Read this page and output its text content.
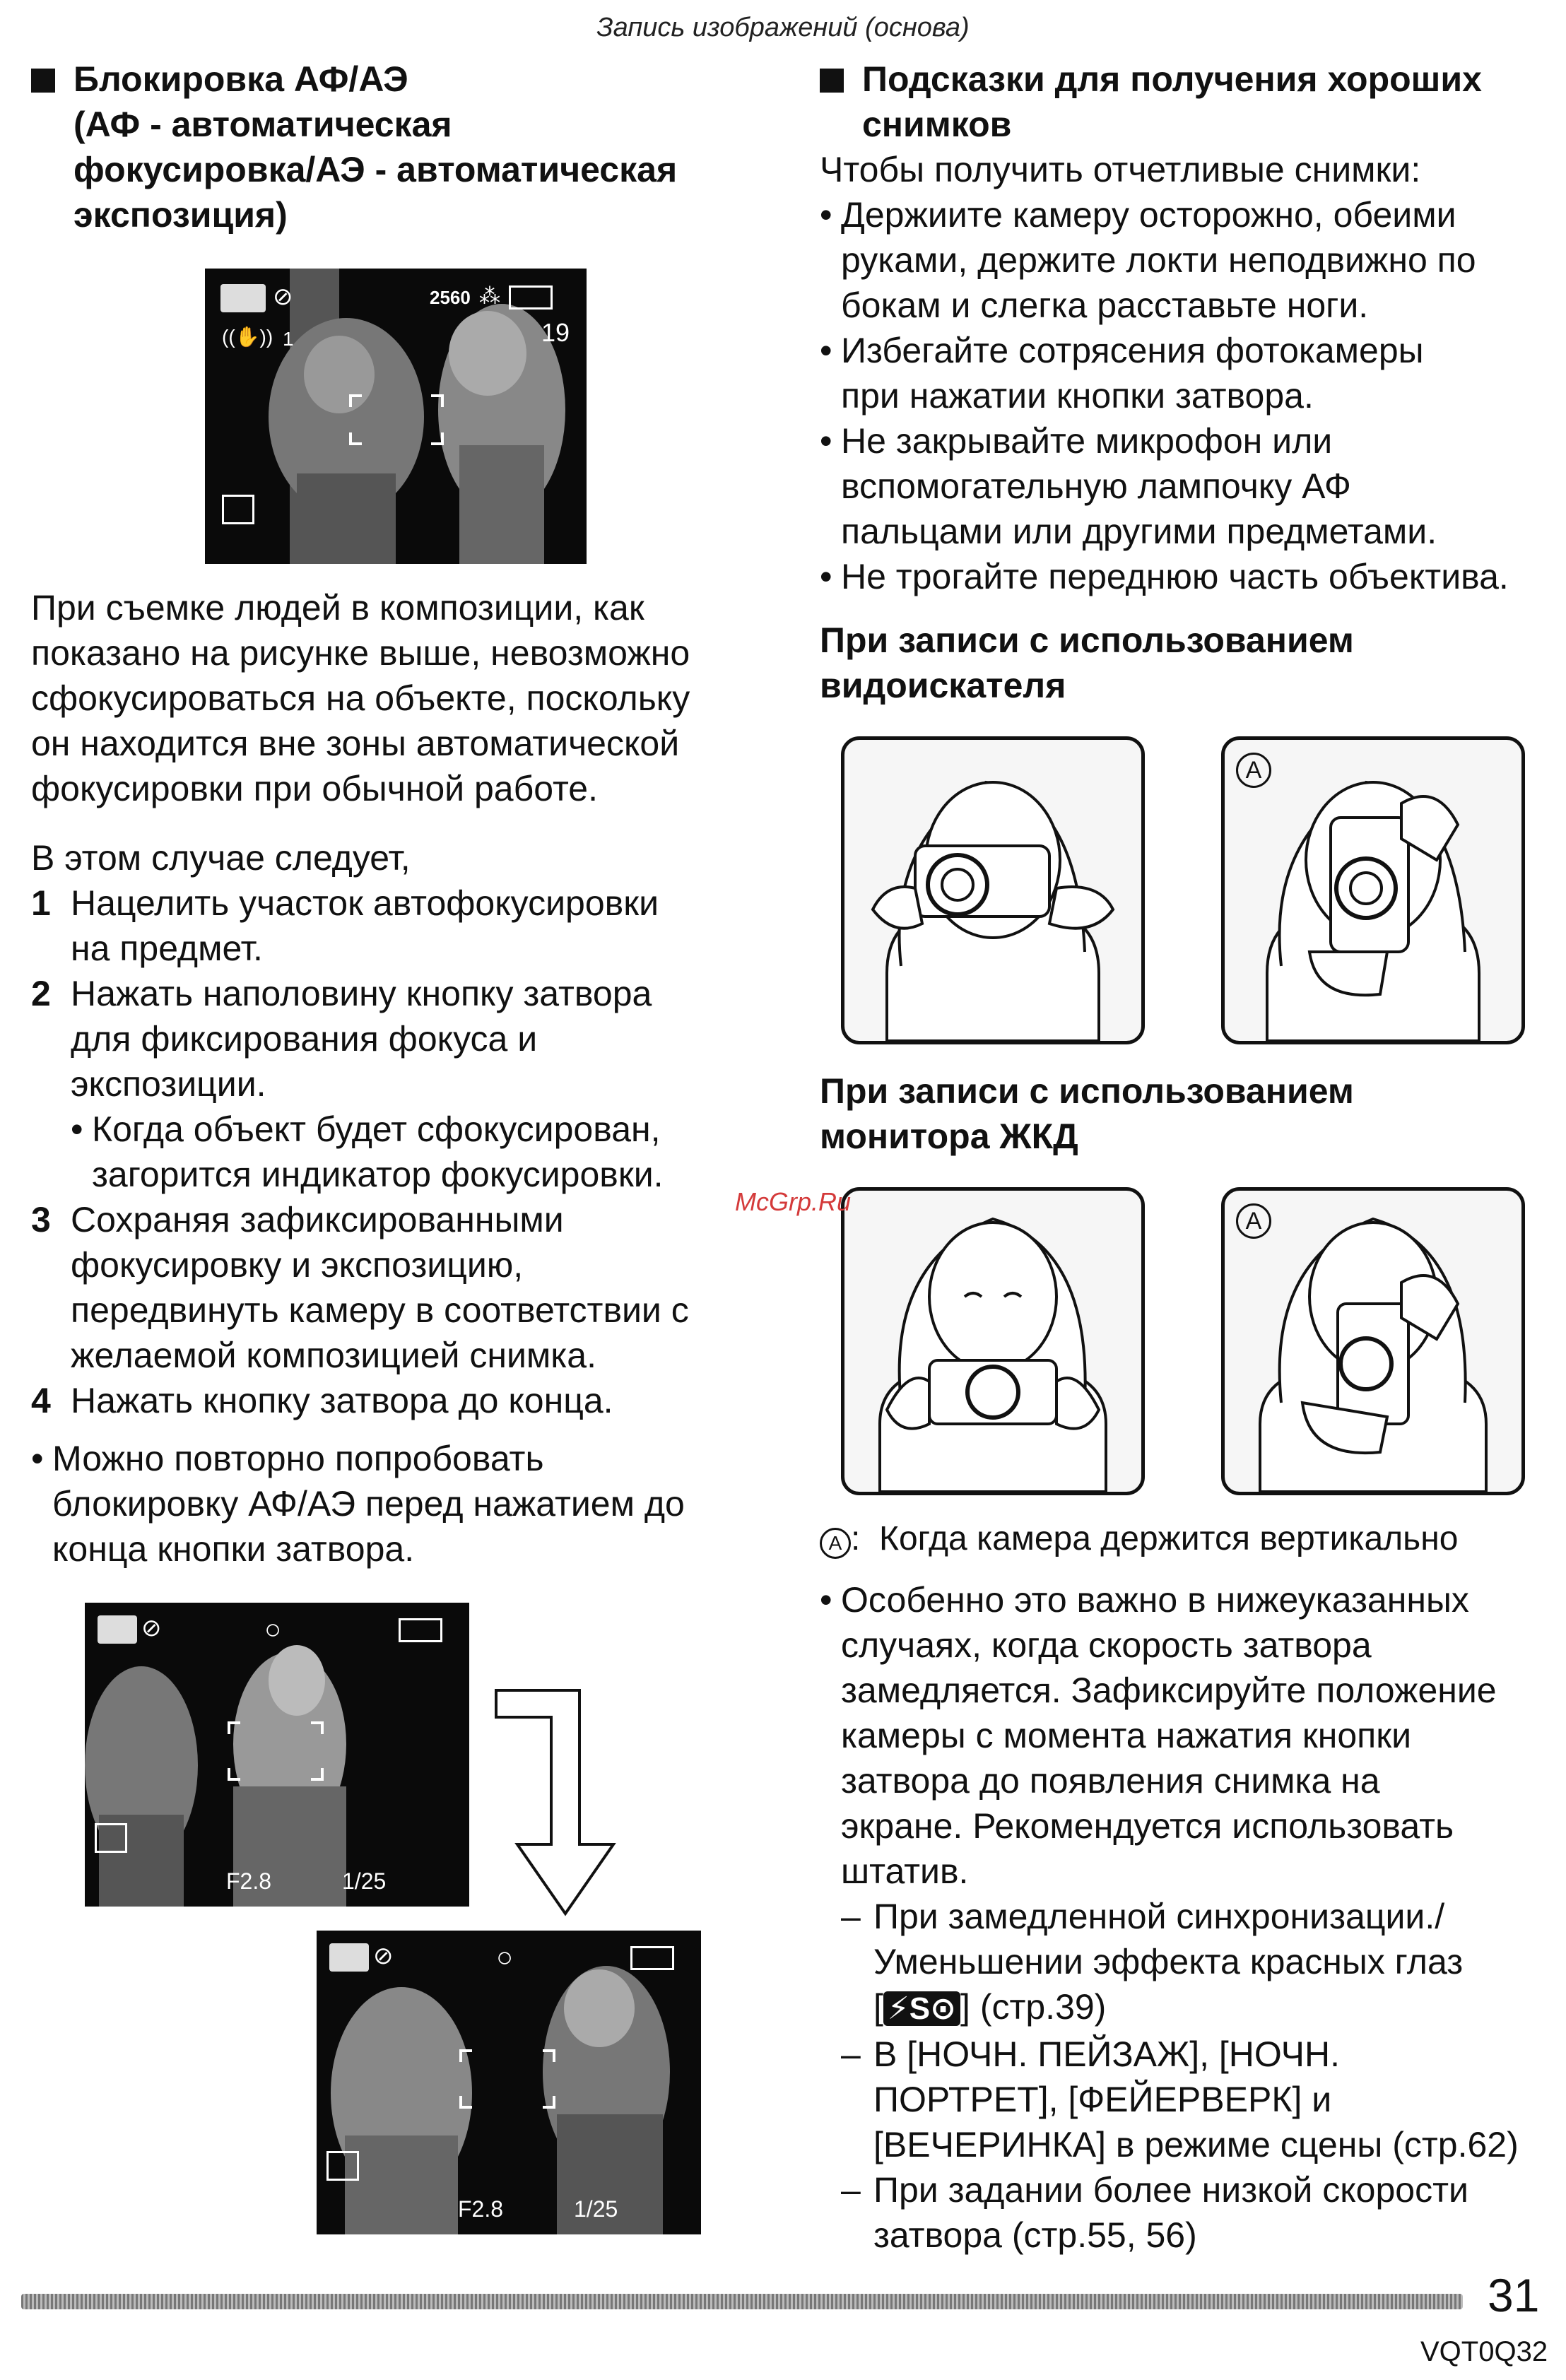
Запись изображений (основа)
Блокировка АФ/АЭ
(АФ - автоматическая
фокусировка/АЭ - автоматическая
экспозиция)
⊘
((✋)) 1
2560 ⁂
19
При съемке людей в композиции, как
показано на рисунке выше, невозможно
сфокусироваться на объекте, поскольку
он находится вне зоны автоматической
фокусировки при обычной работе.
В этом случае следует,
1 Нацелить участок автофокусировки
на предмет.
2 Нажать наполовину кнопку затвора
для фиксирования фокуса и
экспозиции.
• Когда объект будет сфокусирован,
загорится индикатор фокусировки.
3 Сохраняя зафиксированными
фокусировку и экспозицию,
передвинуть камеру в соответствии с
желаемой композицией снимка.
4 Нажать кнопку затвора до конца.
• Можно повторно попробовать
блокировку АФ/АЭ перед нажатием до
конца кнопки затвора.
⊘	○
F2.8	1/25
⊘	○
F2.8	1/25
Подсказки для получения хороших
снимков
Чтобы получить отчетливые снимки:
• Держиите камеру осторожно, обеими
руками, держите локти неподвижно по
бокам и слегка расставьте ноги.
• Избегайте сотрясения фотокамеры
при нажатии кнопки затвора.
• Не закрывайте микрофон или
вспомогательную лампочку АФ
пальцами или другими предметами.
• Не трогайте переднюю часть объектива.
При записи с использованием
видоискателя
A
При записи с использованием
монитора ЖКД
A
A :  Когда камера держится вертикально
• Особенно это важно в нижеуказанных
случаях, когда скорость затвора
замедляется. Зафиксируйте положение
камеры с момента нажатия кнопки
затвора до появления снимка на
экране. Рекомендуется использовать
штатив.
– При замедленной синхронизации./
Уменьшении эффекта красных глаз
[ ⚡S⊙ ] (стр.39)
– В [НОЧН. ПЕЙЗАЖ], [НОЧН.
ПОРТРЕТ], [ФЕЙЕРВЕРК] и
[ВЕЧЕРИНКА] в режиме сцены (стр.62)
– При задании более низкой скорости
затвора (стр.55, 56)
McGrp.Ru
31
VQT0Q32
